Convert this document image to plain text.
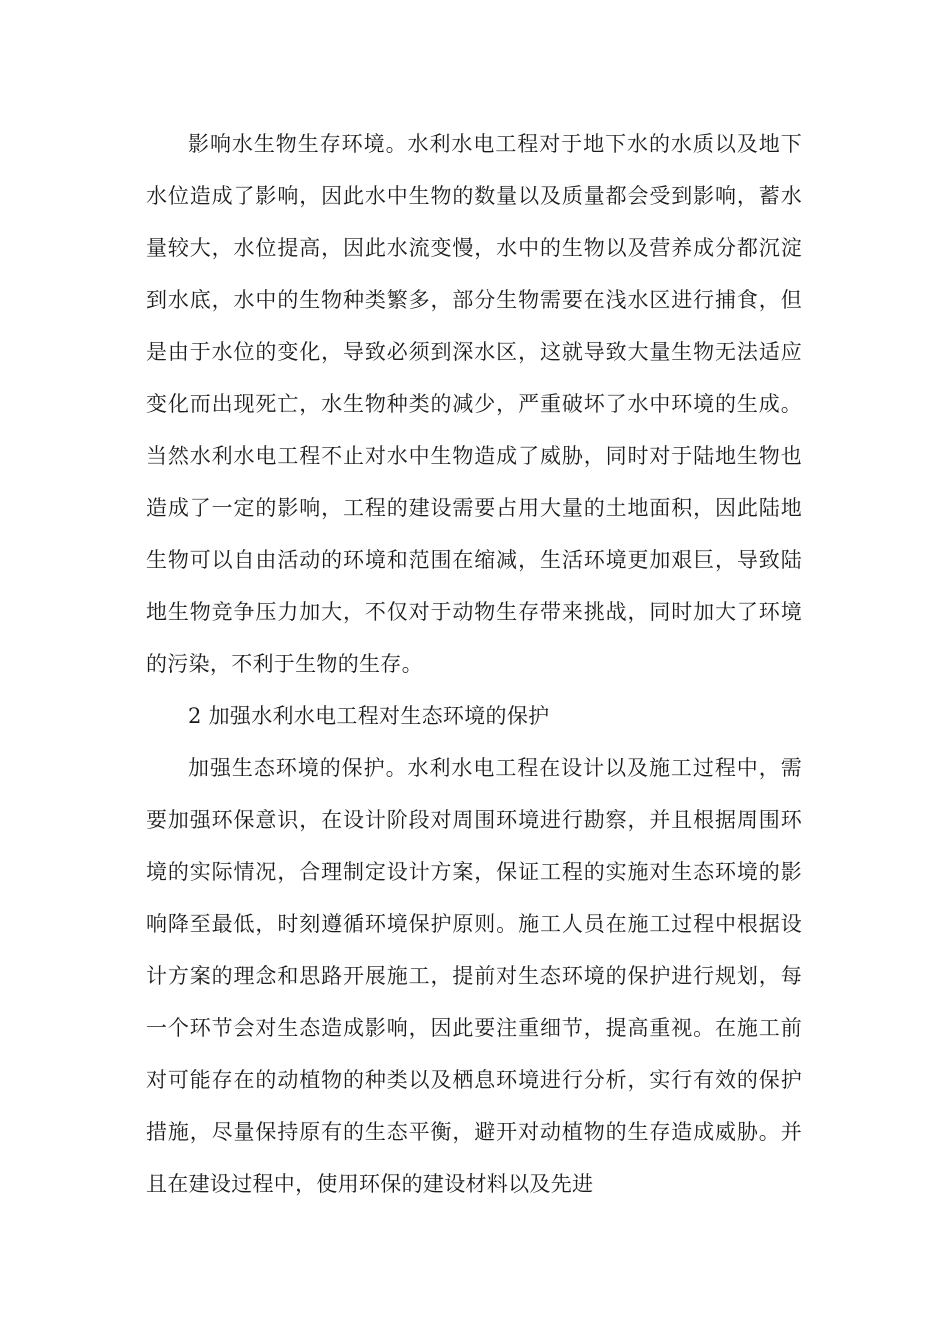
影响水生物生存环境。水利水电工程对于地下水的水质以及地下水位造成了影响，因此水中生物的数量以及质量都会受到影响，蓄水量较大，水位提高，因此水流变慢，水中的生物以及营养成分都沉淀到水底，水中的生物种类繁多，部分生物需要在浅水区进行捕食，但是由于水位的变化，导致必须到深水区，这就导致大量生物无法适应变化而出现死亡，水生物种类的减少，严重破坏了水中环境的生成。当然水利水电工程不止对水中生物造成了威胁，同时对于陆地生物也造成了一定的影响，工程的建设需要占用大量的土地面积，因此陆地生物可以自由活动的环境和范围在缩减，生活环境更加艰巨，导致陆地生物竞争压力加大，不仅对于动物生存带来挑战，同时加大了环境的污染，不利于生物的生存。

2 加强水利水电工程对生态环境的保护

加强生态环境的保护。水利水电工程在设计以及施工过程中，需要加强环保意识，在设计阶段对周围环境进行勘察，并且根据周围环境的实际情况，合理制定设计方案，保证工程的实施对生态环境的影响降至最低，时刻遵循环境保护原则。施工人员在施工过程中根据设计方案的理念和思路开展施工，提前对生态环境的保护进行规划，每一个环节会对生态造成影响，因此要注重细节，提高重视。在施工前对可能存在的动植物的种类以及栖息环境进行分析，实行有效的保护措施，尽量保持原有的生态平衡，避开对动植物的生存造成威胁。并且在建设过程中，使用环保的建设材料以及先进
